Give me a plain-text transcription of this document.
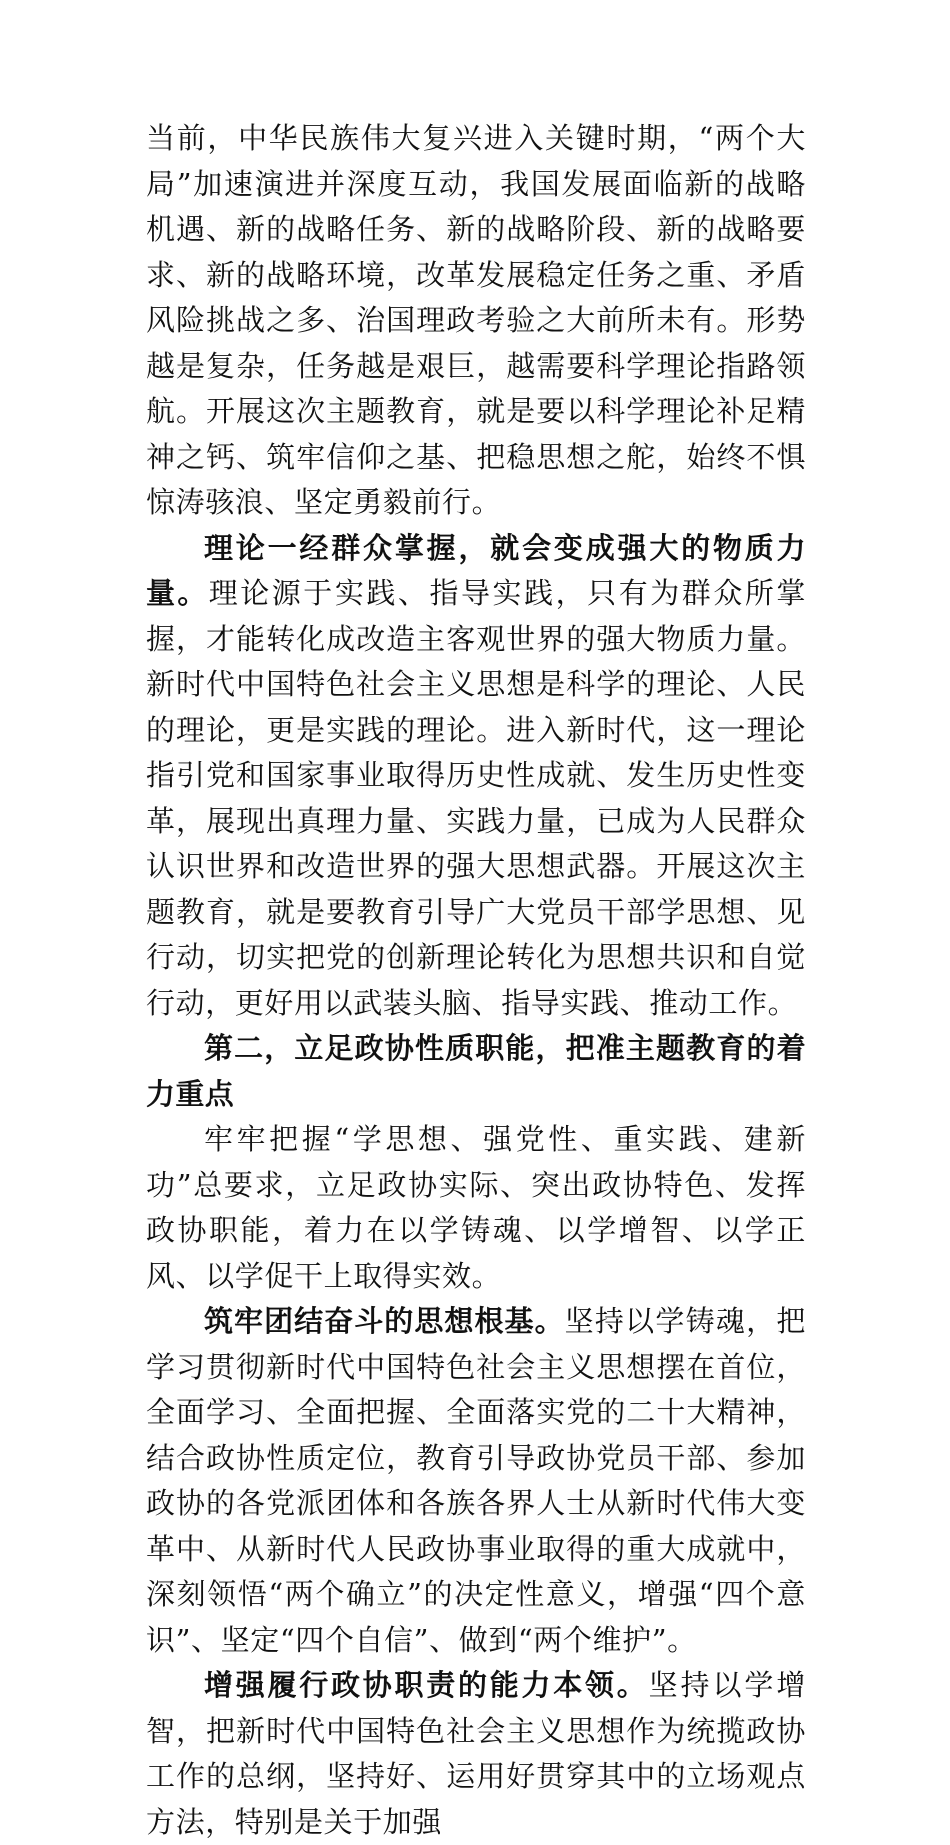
当前，中华民族伟大复兴进入关键时期，“两个大局”加速演进并深度互动，我国发展面临新的战略机遇、新的战略任务、新的战略阶段、新的战略要求、新的战略环境，改革发展稳定任务之重、矛盾风险挑战之多、治国理政考验之大前所未有。形势越是复杂，任务越是艰巨，越需要科学理论指路领航。开展这次主题教育，就是要以科学理论补足精神之钙、筑牢信仰之基、把稳思想之舵，始终不惧惊涛骇浪、坚定勇毅前行。

理论一经群众掌握，就会变成强大的物质力量。理论源于实践、指导实践，只有为群众所掌握，才能转化成改造主客观世界的强大物质力量。新时代中国特色社会主义思想是科学的理论、人民的理论，更是实践的理论。进入新时代，这一理论指引党和国家事业取得历史性成就、发生历史性变革，展现出真理力量、实践力量，已成为人民群众认识世界和改造世界的强大思想武器。开展这次主题教育，就是要教育引导广大党员干部学思想、见行动，切实把党的创新理论转化为思想共识和自觉行动，更好用以武装头脑、指导实践、推动工作。

第二，立足政协性质职能，把准主题教育的着力重点

牢牢把握“学思想、强党性、重实践、建新功”总要求，立足政协实际、突出政协特色、发挥政协职能，着力在以学铸魂、以学增智、以学正风、以学促干上取得实效。

筑牢团结奋斗的思想根基。坚持以学铸魂，把学习贯彻新时代中国特色社会主义思想摆在首位，全面学习、全面把握、全面落实党的二十大精神，结合政协性质定位，教育引导政协党员干部、参加政协的各党派团体和各族各界人士从新时代伟大变革中、从新时代人民政协事业取得的重大成就中，深刻领悟“两个确立”的决定性意义，增强“四个意识”、坚定“四个自信”、做到“两个维护”。

增强履行政协职责的能力本领。坚持以学增智，把新时代中国特色社会主义思想作为统揽政协工作的总纲，坚持好、运用好贯穿其中的立场观点方法，特别是关于加强
